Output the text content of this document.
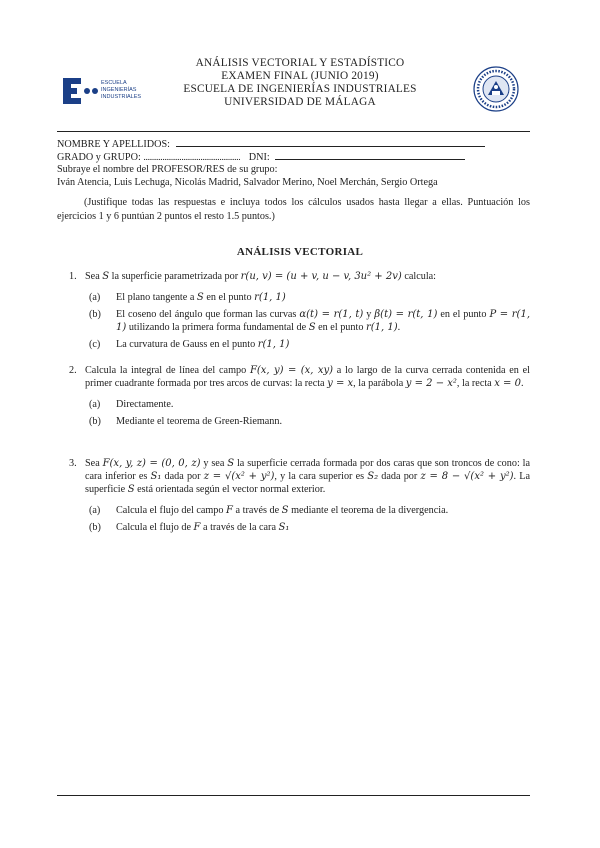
ESCUELA
INGENIERÍAS
INDUSTRIALES
ANÁLISIS VECTORIAL Y ESTADÍSTICO
EXAMEN FINAL (JUNIO 2019)
ESCUELA DE INGENIERÍAS INDUSTRIALES
UNIVERSIDAD DE MÁLAGA
NOMBRE Y APELLIDOS:
GRADO y GRUPO: ................................................... DNI:
Subraye el nombre del PROFESOR/RES de su grupo:
Iván Atencia, Luis Lechuga, Nicolás Madrid, Salvador Merino, Noel Merchán, Sergio Ortega
(Justifique todas las respuestas e incluya todos los cálculos usados hasta llegar a ellas. Puntuación los ejercicios 1 y 6 puntúan 2 puntos el resto 1.5 puntos.)
ANÁLISIS VECTORIAL
1. Sea S la superficie parametrizada por r(u, v) = (u + v, u − v, 3u² + 2v) calcula:
(a) El plano tangente a S en el punto r(1, 1)
(b) El coseno del ángulo que forman las curvas α(t) = r(1, t) y β(t) = r(t, 1) en el punto P = r(1, 1) utilizando la primera forma fundamental de S en el punto r(1, 1).
(c) La curvatura de Gauss en el punto r(1, 1)
2. Calcula la integral de línea del campo F(x, y) = (x, xy) a lo largo de la curva cerrada contenida en el primer cuadrante formada por tres arcos de curvas: la recta y = x, la parábola y = 2 − x², la recta x = 0.
(a) Directamente.
(b) Mediante el teorema de Green-Riemann.
3. Sea F(x, y, z) = (0, 0, z) y sea S la superficie cerrada formada por dos caras que son troncos de cono: la cara inferior es S₁ dada por z = √(x² + y²), y la cara superior es S₂ dada por z = 8 − √(x² + y²). La superficie S está orientada según el vector normal exterior.
(a) Calcula el flujo del campo F a través de S mediante el teorema de la divergencia.
(b) Calcula el flujo de F a través de la cara S₁
